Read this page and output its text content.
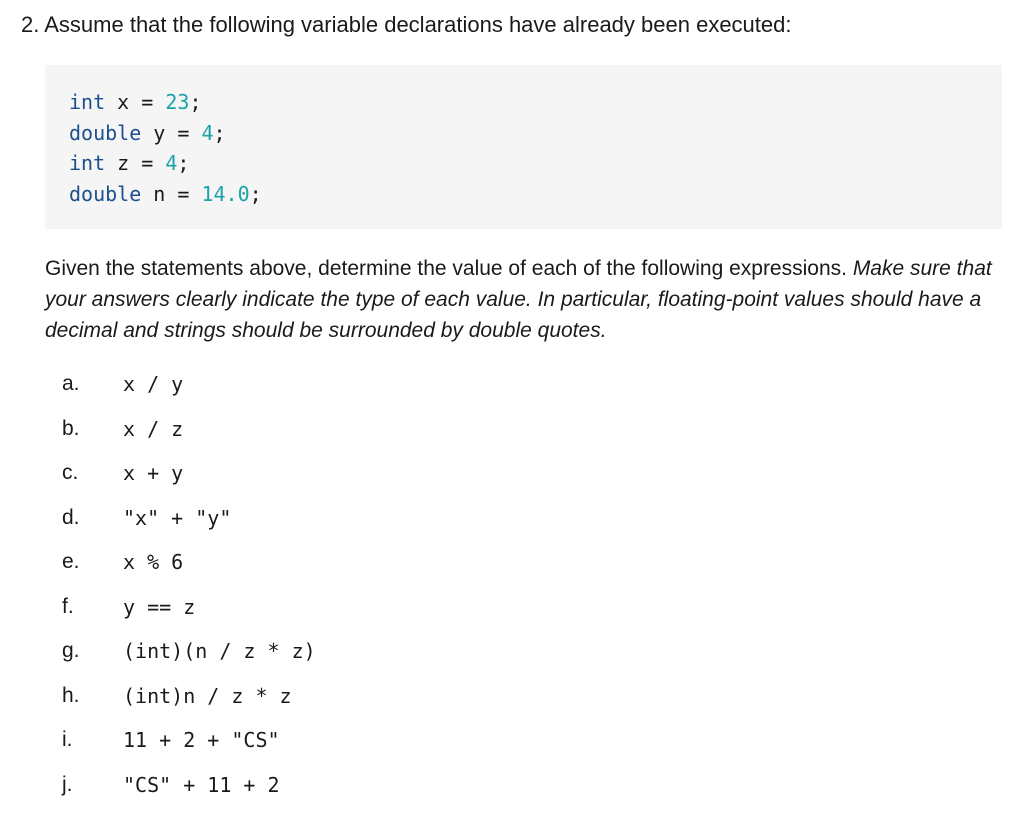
2. Assume that the following variable declarations have already been executed:
int x = 23;
double y = 4;
int z = 4;
double n = 14.0;
Given the statements above, determine the value of each of the following expressions. Make sure that your answers clearly indicate the type of each value. In particular, floating-point values should have a decimal and strings should be surrounded by double quotes.
a. x / y
b. x / z
c. x + y
d. "x" + "y"
e. x % 6
f. y == z
g. (int)(n / z * z)
h. (int)n / z * z
i.	11 + 2 + "CS"
j.	"CS" + 11 + 2
